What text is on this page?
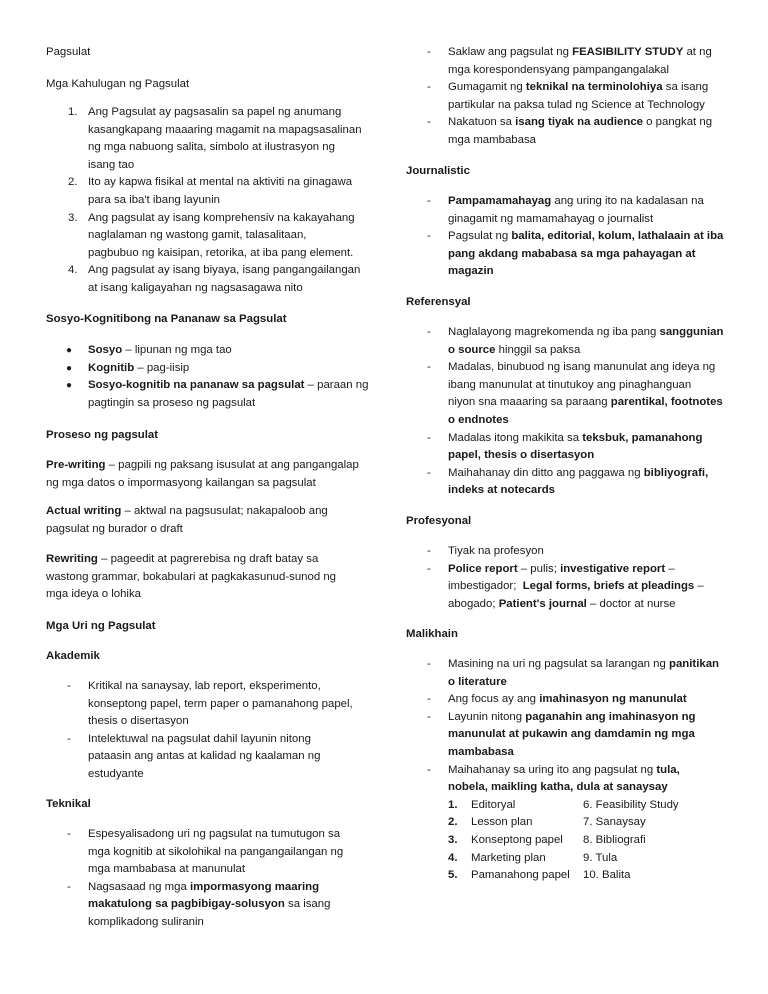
Pagsulat
Mga Kahulugan ng Pagsulat
1. Ang Pagsulat ay pagsasalin sa papel ng anumang
kasangkapang maaaring magamit na mapagsasalinan
ng mga nabuong salita, simbolo at ilustrasyon ng
isang tao
2. Ito ay kapwa fisikal at mental na aktiviti na ginagawa
para sa iba't ibang layunin
3. Ang pagsulat ay isang komprehensiv na kakayahang
naglalaman ng wastong gamit, talasalitaan,
pagbubuo ng kaisipan, retorika, at iba pang element.
4. Ang pagsulat ay isang biyaya, isang pangangailangan
at isang kaligayahan ng nagsasagawa nito
Sosyo-Kognitibong na Pananaw sa Pagsulat
●	Sosyo – lipunan ng mga tao
●	Kognitib – pag-iisip
●	Sosyo-kognitib na pananaw sa pagsulat – paraan ng
pagtingin sa proseso ng pagsulat
Proseso ng pagsulat
Pre-writing – pagpili ng paksang isusulat at ang pangangalap
ng mga datos o impormasyong kailangan sa pagsulat
Actual writing – aktwal na pagsusulat; nakapaloob ang
pagsulat ng burador o draft
Rewriting – pageedit at pagrerebisa ng draft batay sa
wastong grammar, bokabulari at pagkakasunud-sunod ng
mga ideya o lohika
Mga Uri ng Pagsulat
Akademik
-	Kritikal na sanaysay, lab report, eksperimento,
konseptong papel, term paper o pamanahong papel,
thesis o disertasyon
-	Intelektuwal na pagsulat dahil layunin nitong
pataasin ang antas at kalidad ng kaalaman ng
estudyante
Teknikal
-	Espesyalisadong uri ng pagsulat na tumutugon sa
mga kognitib at sikolohikal na pangangailangan ng
mga mambabasa at manunulat
-	Nagsasaad ng mga impormasyong maaring
makatulong sa pagbibigay-solusyon sa isang
komplikadong suliranin
-	Saklaw ang pagsulat ng FEASIBILITY STUDY at ng
mga korespondensyang pampangangalakal
-	Gumagamit ng teknikal na terminolohiya sa isang
partikular na paksa tulad ng Science at Technology
-	Nakatuon sa isang tiyak na audience o pangkat ng
mga mambabasa
Journalistic
-	Pampamamahayag ang uring ito na kadalasan na
ginagamit ng mamamahayag o journalist
-	Pagsulat ng balita, editorial, kolum, lathalaain at iba
pang akdang mababasa sa mga pahayagan at
magazin
Referensyal
-	Naglalayong magrekomenda ng iba pang sanggunian
o source hinggil sa paksa
-	Madalas, binubuod ng isang manunulat ang ideya ng
ibang manunulat at tinutukoy ang pinaghanguan
niyon sna maaaring sa paraang parentikal, footnotes
o endnotes
-	Madalas itong makikita sa teksbuk, pamanahong
papel, thesis o disertasyon
-	Maihahanay din ditto ang paggawa ng bibliyografi,
indeks at notecards
Profesyonal
-	Tiyak na profesyon
-	Police report – pulis; investigative report –
imbestigador;  Legal forms, briefs at pleadings –
abogado; Patient's journal – doctor at nurse
Malikhain
-	Masining na uri ng pagsulat sa larangan ng panitikan
o literature
-	Ang focus ay ang imahinasyon ng manunulat
-	Layunin nitong paganahin ang imahinasyon ng
manunulat at pukawin ang damdamin ng mga
mambabasa
-	Maihahanay sa uring ito ang pagsulat ng tula,
nobela, maikling katha, dula at sanaysay
1.	Editoryal	6. Feasibility Study
2.	Lesson plan	7. Sanaysay
3.	Konseptong papel	8. Bibliografi
4.	Marketing plan	9. Tula
5.	Pamanahong papel	10. Balita
